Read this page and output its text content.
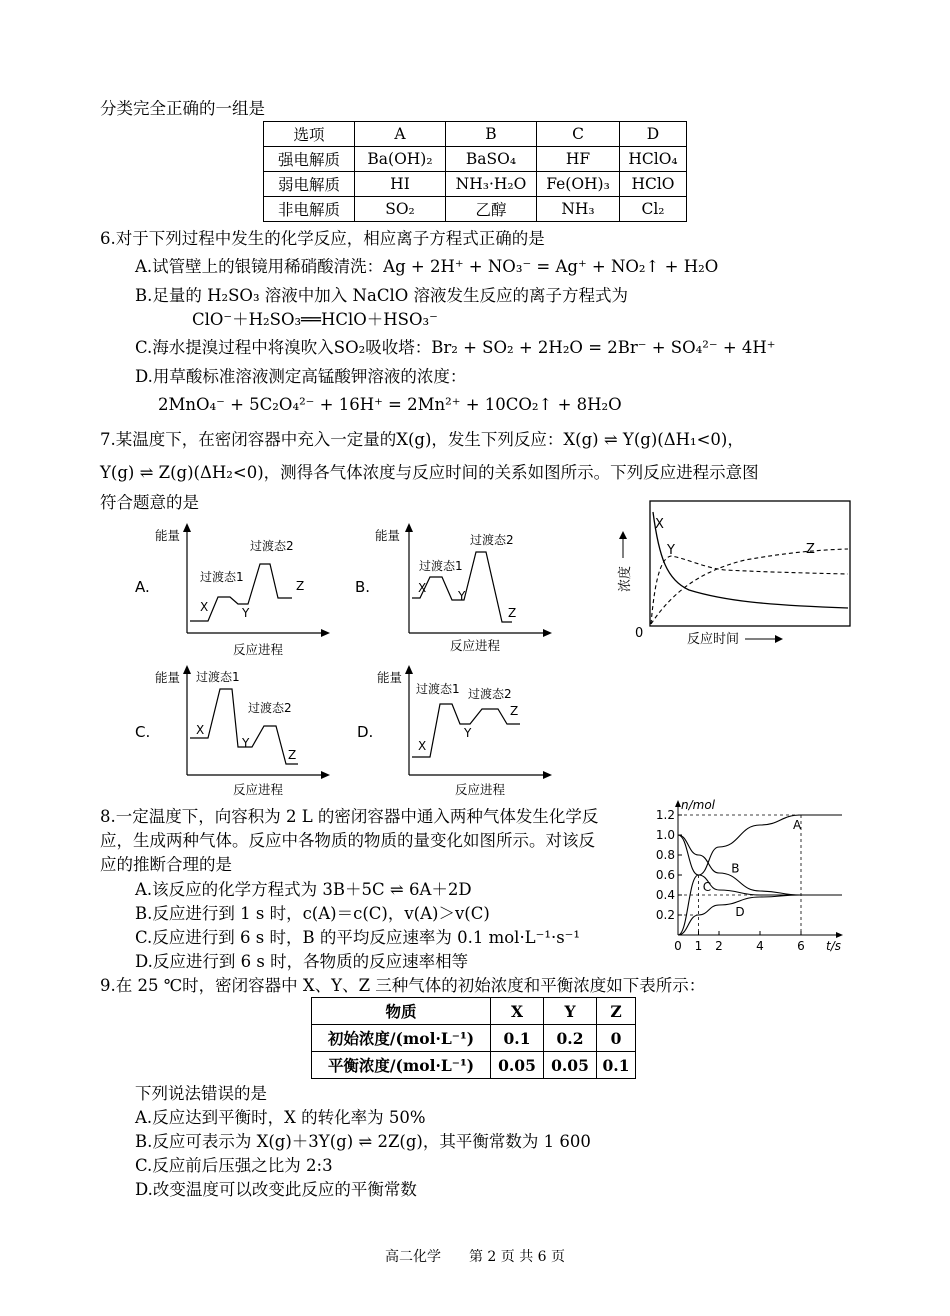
分类完全正确的一组是
选项	A	B	C	D
强电解质	Ba(OH)₂	BaSO₄	HF	HClO₄
弱电解质	HI	NH₃·H₂O	Fe(OH)₃	HClO
非电解质	SO₂	乙醇	NH₃	Cl₂
6.对于下列过程中发生的化学反应，相应离子方程式正确的是
A.试管壁上的银镜用稀硝酸清洗：Ag + 2H⁺ + NO₃⁻ = Ag⁺ + NO₂↑ + H₂O
B.足量的 H₂SO₃ 溶液中加入 NaClO 溶液发生反应的离子方程式为
ClO⁻＋H₂SO₃══HClO＋HSO₃⁻
C.海水提溴过程中将溴吹入SO₂吸收塔：Br₂ + SO₂ + 2H₂O = 2Br⁻ + SO₄²⁻ + 4H⁺
D.用草酸标准溶液测定高锰酸钾溶液的浓度：
2MnO₄⁻ + 5C₂O₄²⁻ + 16H⁺ = 2Mn²⁺ + 10CO₂↑ + 8H₂O
7.某温度下，在密闭容器中充入一定量的X(g)，发生下列反应：X(g) ⇌ Y(g)(ΔH₁<0)，
Y(g) ⇌ Z(g)(ΔH₂<0)，测得各气体浓度与反应时间的关系如图所示。下列反应进程示意图
符合题意的是
A.
能量
反应进程
X	Y
Z
过渡态1
过渡态2
B.
能量
反应进程
X
Y
Z
过渡态1
过渡态2
0	反应时间
浓度
X
Y	Z
C.
能量
反应进程
X
Y
Z
过渡态1
过渡态2
D.
能量
反应进程
X
Y
Z
过渡态1 过渡态2
8.一定温度下，向容积为 2 L 的密闭容器中通入两种气体发生化学反
应，生成两种气体。反应中各物质的物质的量变化如图所示。对该反
应的推断合理的是
A.该反应的化学方程式为 3B＋5C ⇌ 6A＋2D
B.反应进行到 1 s 时，c(A)＝c(C)，v(A)＞v(C)
C.反应进行到 6 s 时，B 的平均反应速率为 0.1 mol·L⁻¹·s⁻¹
D.反应进行到 6 s 时，各物质的反应速率相等
n/mol
t/s
0.2
0.4
0.6
0.8
1.0
1.2
0 1 2	4	6
A
B
C
D
9.在 25 ℃时，密闭容器中 X、Y、Z 三种气体的初始浓度和平衡浓度如下表所示：
物质	X	Y	Z
初始浓度/(mol·L⁻¹)	0.1	0.2	0
平衡浓度/(mol·L⁻¹)	0.05	0.05	0.1
下列说法错误的是
A.反应达到平衡时，X 的转化率为 50%
B.反应可表示为 X(g)＋3Y(g) ⇌ 2Z(g)，其平衡常数为 1 600
C.反应前后压强之比为 2:3
D.改变温度可以改变此反应的平衡常数
高二化学　　第 2 页 共 6 页
